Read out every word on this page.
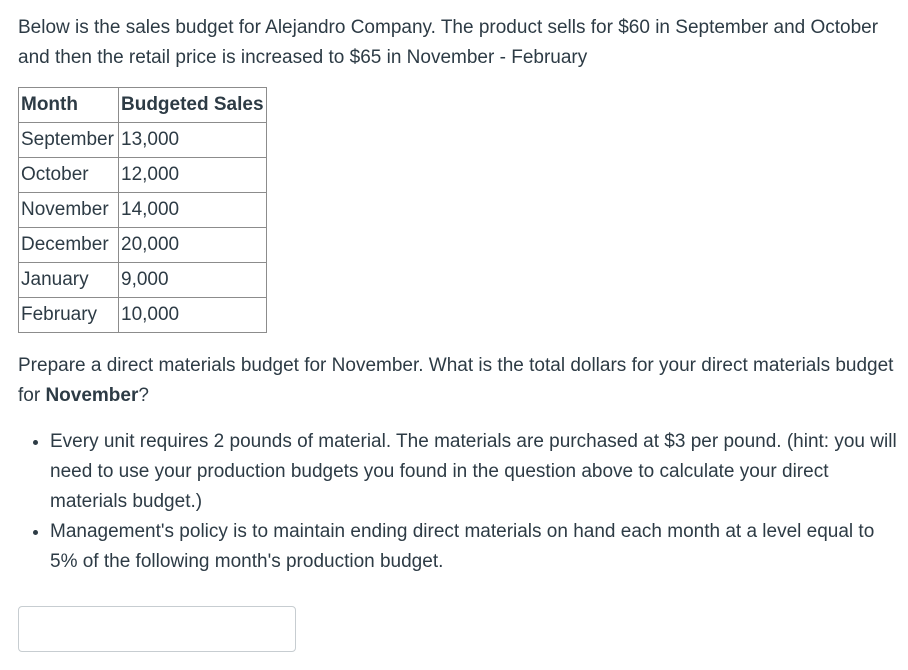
Below is the sales budget for Alejandro Company. The product sells for $60 in September and October and then the retail price is increased to $65 in November - February

Month	Budgeted Sales
September	13,000
October	12,000
November	14,000
December	20,000
January	9,000
February	10,000

Prepare a direct materials budget for November. What is the total dollars for your direct materials budget for November?

• Every unit requires 2 pounds of material. The materials are purchased at $3 per pound. (hint: you will need to use your production budgets you found in the question above to calculate your direct materials budget.)
• Management's policy is to maintain ending direct materials on hand each month at a level equal to 5% of the following month's production budget.
